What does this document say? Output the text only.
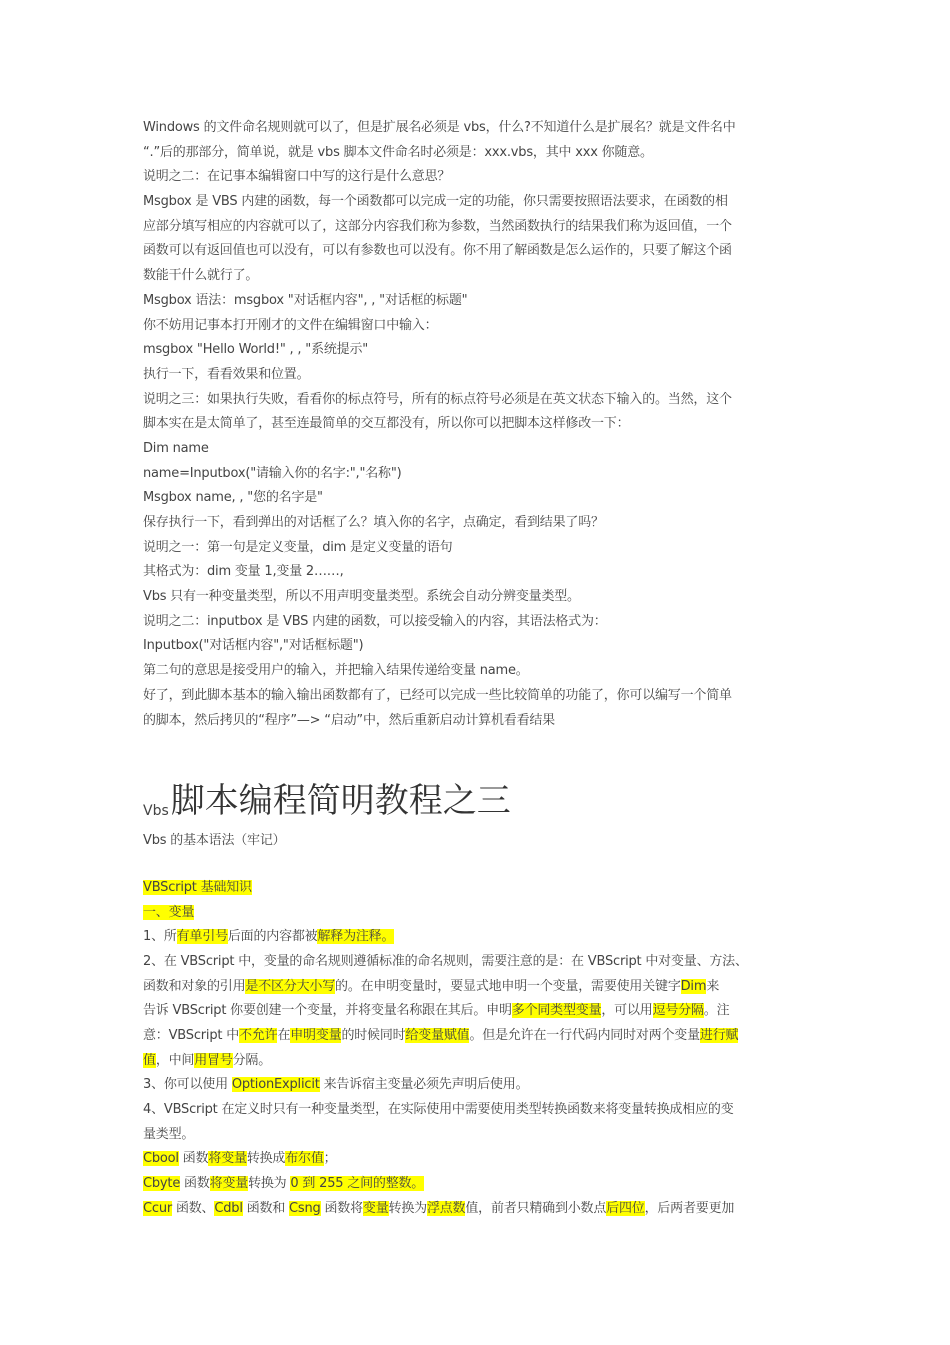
Windows 的文件命名规则就可以了，但是扩展名必须是 vbs，什么?不知道什么是扩展名？就是文件名中
“.”后的那部分，简单说，就是 vbs 脚本文件命名时必须是：xxx.vbs，其中 xxx 你随意。
说明之二：在记事本编辑窗口中写的这行是什么意思？
Msgbox 是 VBS 内建的函数，每一个函数都可以完成一定的功能，你只需要按照语法要求，在函数的相
应部分填写相应的内容就可以了，这部分内容我们称为参数，当然函数执行的结果我们称为返回值，一个
函数可以有返回值也可以没有，可以有参数也可以没有。你不用了解函数是怎么运作的，只要了解这个函
数能干什么就行了。
Msgbox 语法：msgbox "对话框内容", , "对话框的标题"
你不妨用记事本打开刚才的文件在编辑窗口中输入：
msgbox "Hello World!" , , "系统提示"
执行一下，看看效果和位置。
说明之三：如果执行失败，看看你的标点符号，所有的标点符号必须是在英文状态下输入的。当然，这个
脚本实在是太简单了，甚至连最简单的交互都没有，所以你可以把脚本这样修改一下：
Dim name
name=Inputbox("请输入你的名字:","名称")
Msgbox name, , "您的名字是"
保存执行一下，看到弹出的对话框了么？填入你的名字，点确定，看到结果了吗？
说明之一：第一句是定义变量，dim 是定义变量的语句
其格式为：dim 变量 1,变量 2……,
Vbs 只有一种变量类型，所以不用声明变量类型。系统会自动分辨变量类型。
说明之二：inputbox 是 VBS 内建的函数，可以接受输入的内容，其语法格式为：
Inputbox("对话框内容","对话框标题")
第二句的意思是接受用户的输入，并把输入结果传递给变量 name。
好了，到此脚本基本的输入输出函数都有了，已经可以完成一些比较简单的功能了，你可以编写一个简单
的脚本，然后拷贝的“程序”—> “启动”中，然后重新启动计算机看看结果
Vbs 脚本编程简明教程之三
Vbs 的基本语法（牢记）
VBScript 基础知识
一、变量
1、所有单引号后面的内容都被解释为注释。
2、在 VBScript 中，变量的命名规则遵循标准的命名规则，需要注意的是：在 VBScript 中对变量、方法、
函数和对象的引用是不区分大小写的。在申明变量时，要显式地申明一个变量，需要使用关键字Dim来
告诉 VBScript 你要创建一个变量，并将变量名称跟在其后。申明多个同类型变量，可以用逗号分隔。注
意：VBScript 中不允许在申明变量的时候同时给变量赋值。但是允许在一行代码内同时对两个变量进行赋
值，中间用冒号分隔。
3、你可以使用 OptionExplicit 来告诉宿主变量必须先声明后使用。
4、VBScript 在定义时只有一种变量类型，在实际使用中需要使用类型转换函数来将变量转换成相应的变
量类型。
Cbool 函数将变量转换成布尔值；
Cbyte 函数将变量转换为 0 到 255 之间的整数。
Ccur 函数、Cdbl 函数和 Csng 函数将变量转换为浮点数值，前者只精确到小数点后四位，后两者要更加
